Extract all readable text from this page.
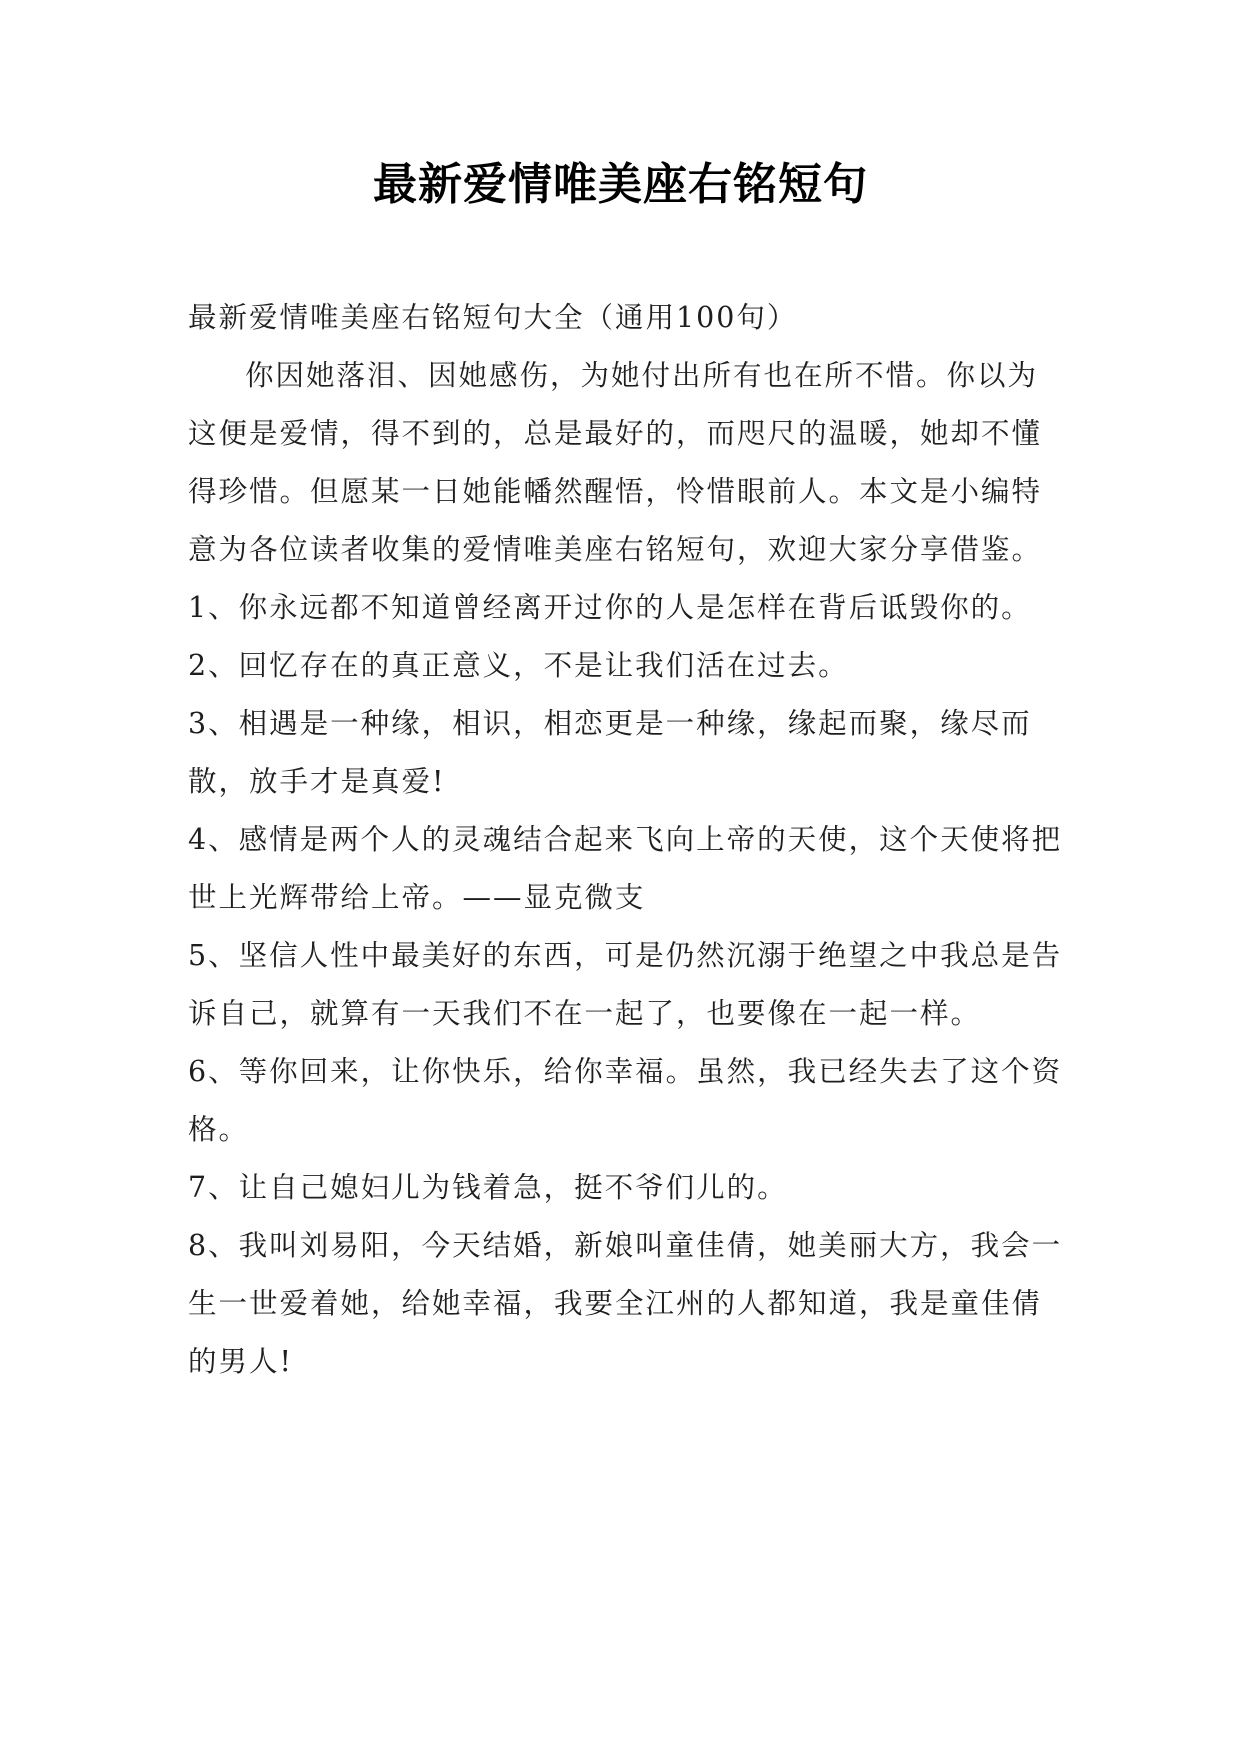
最新爱情唯美座右铭短句

最新爱情唯美座右铭短句大全（通用100句）

你因她落泪、因她感伤，为她付出所有也在所不惜。你以为这便是爱情，得不到的，总是最好的，而咫尺的温暖，她却不懂得珍惜。但愿某一日她能幡然醒悟，怜惜眼前人。本文是小编特意为各位读者收集的爱情唯美座右铭短句，欢迎大家分享借鉴。

1、你永远都不知道曾经离开过你的人是怎样在背后诋毁你的。

2、回忆存在的真正意义，不是让我们活在过去。

3、相遇是一种缘，相识，相恋更是一种缘，缘起而聚，缘尽而散，放手才是真爱!

4、感情是两个人的灵魂结合起来飞向上帝的天使，这个天使将把世上光辉带给上帝。——显克微支

5、坚信人性中最美好的东西，可是仍然沉溺于绝望之中我总是告诉自己，就算有一天我们不在一起了，也要像在一起一样。

6、等你回来，让你快乐，给你幸福。虽然，我已经失去了这个资格。

7、让自己媳妇儿为钱着急，挺不爷们儿的。

8、我叫刘易阳，今天结婚，新娘叫童佳倩，她美丽大方，我会一生一世爱着她，给她幸福，我要全江州的人都知道，我是童佳倩的男人!
